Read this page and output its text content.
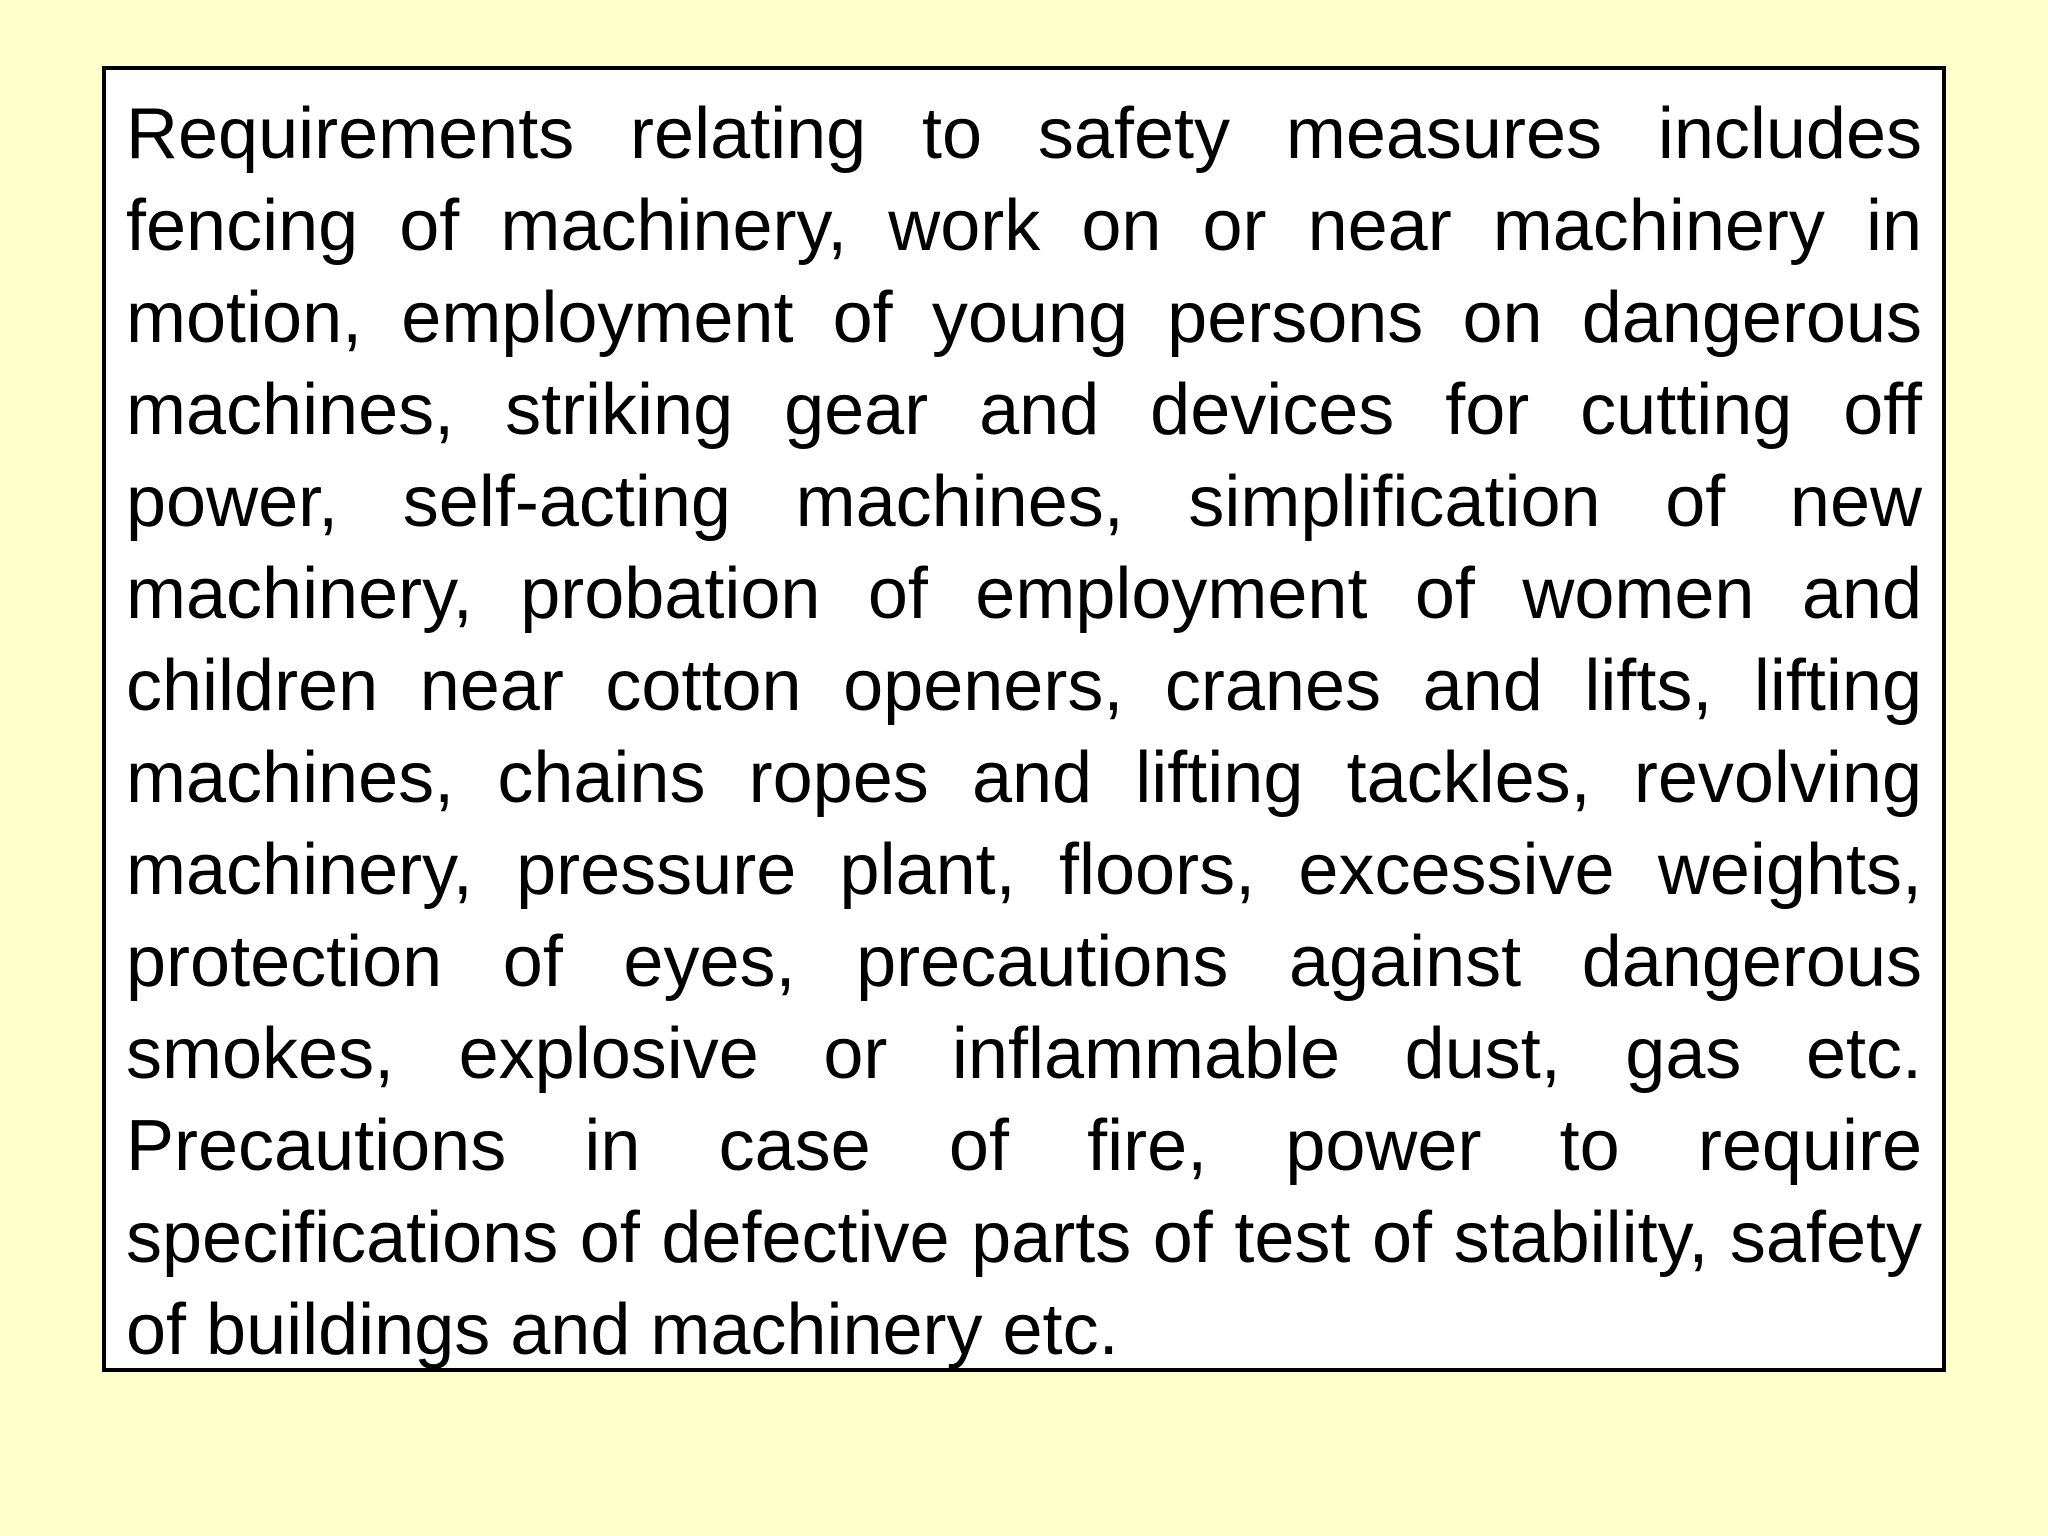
Requirements relating to safety measures includes fencing of machinery, work on or near machinery in motion, employment of young persons on dangerous machines, striking gear and devices for cutting off power, self-acting machines, simplification of new machinery, probation of employment of women and children near cotton openers, cranes and lifts, lifting machines, chains ropes and lifting tackles, revolving machinery, pressure plant, floors, excessive weights, protection of eyes, precautions against dangerous smokes, explosive or inflammable dust, gas etc. Precautions in case of fire, power to require specifications of defective parts of test of stability, safety of buildings and machinery etc.
